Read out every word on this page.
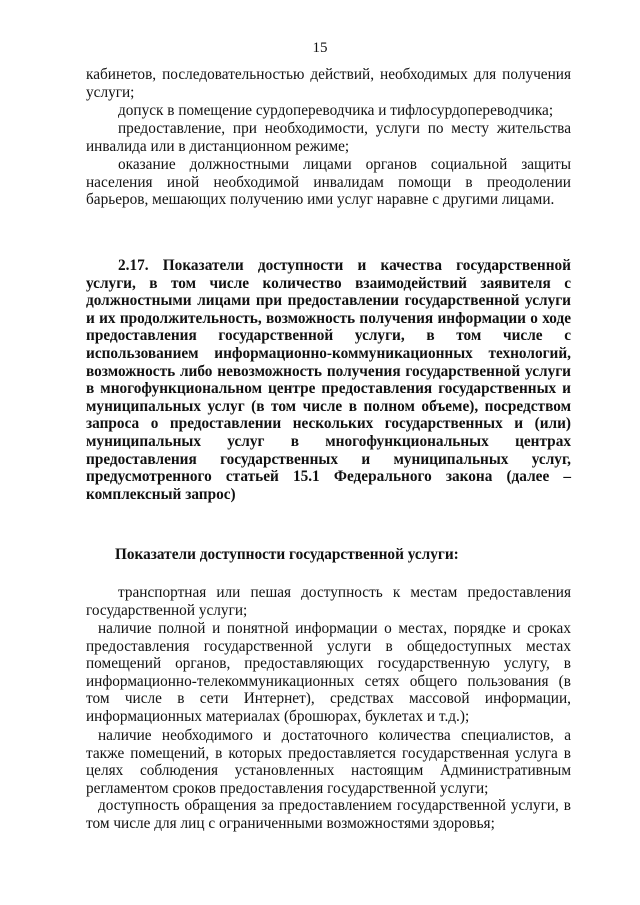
15

кабинетов, последовательностью действий, необходимых для получения услуги;

допуск в помещение сурдопереводчика и тифлосурдопереводчика;

предоставление, при необходимости, услуги по месту жительства инвалида или в дистанционном режиме;

оказание должностными лицами органов социальной защиты населения иной необходимой инвалидам помощи в преодолении барьеров, мешающих получению ими услуг наравне с другими лицами.

2.17. Показатели доступности и качества государственной услуги, в том числе количество взаимодействий заявителя с должностными лицами при предоставлении государственной услуги и их продолжительность, возможность получения информации о ходе предоставления государственной услуги, в том числе с использованием информационно-коммуникационных технологий, возможность либо невозможность получения государственной услуги в многофункциональном центре предоставления государственных и муниципальных услуг (в том числе в полном объеме), посредством запроса о предоставлении нескольких государственных и (или) муниципальных услуг в многофункциональных центрах предоставления государственных и муниципальных услуг, предусмотренного статьей 15.1 Федерального закона (далее – комплексный запрос)

Показатели доступности государственной услуги:

транспортная или пешая доступность к местам предоставления государственной услуги;

наличие полной и понятной информации о местах, порядке и сроках предоставления государственной услуги в общедоступных местах помещений органов, предоставляющих государственную услугу, в информационно-телекоммуникационных сетях общего пользования (в том числе в сети Интернет), средствах массовой информации, информационных материалах (брошюрах, буклетах и т.д.);

наличие необходимого и достаточного количества специалистов, а также помещений, в которых предоставляется государственная услуга в целях соблюдения установленных настоящим Административным регламентом сроков предоставления государственной услуги;

доступность обращения за предоставлением государственной услуги, в том числе для лиц с ограниченными возможностями здоровья;
